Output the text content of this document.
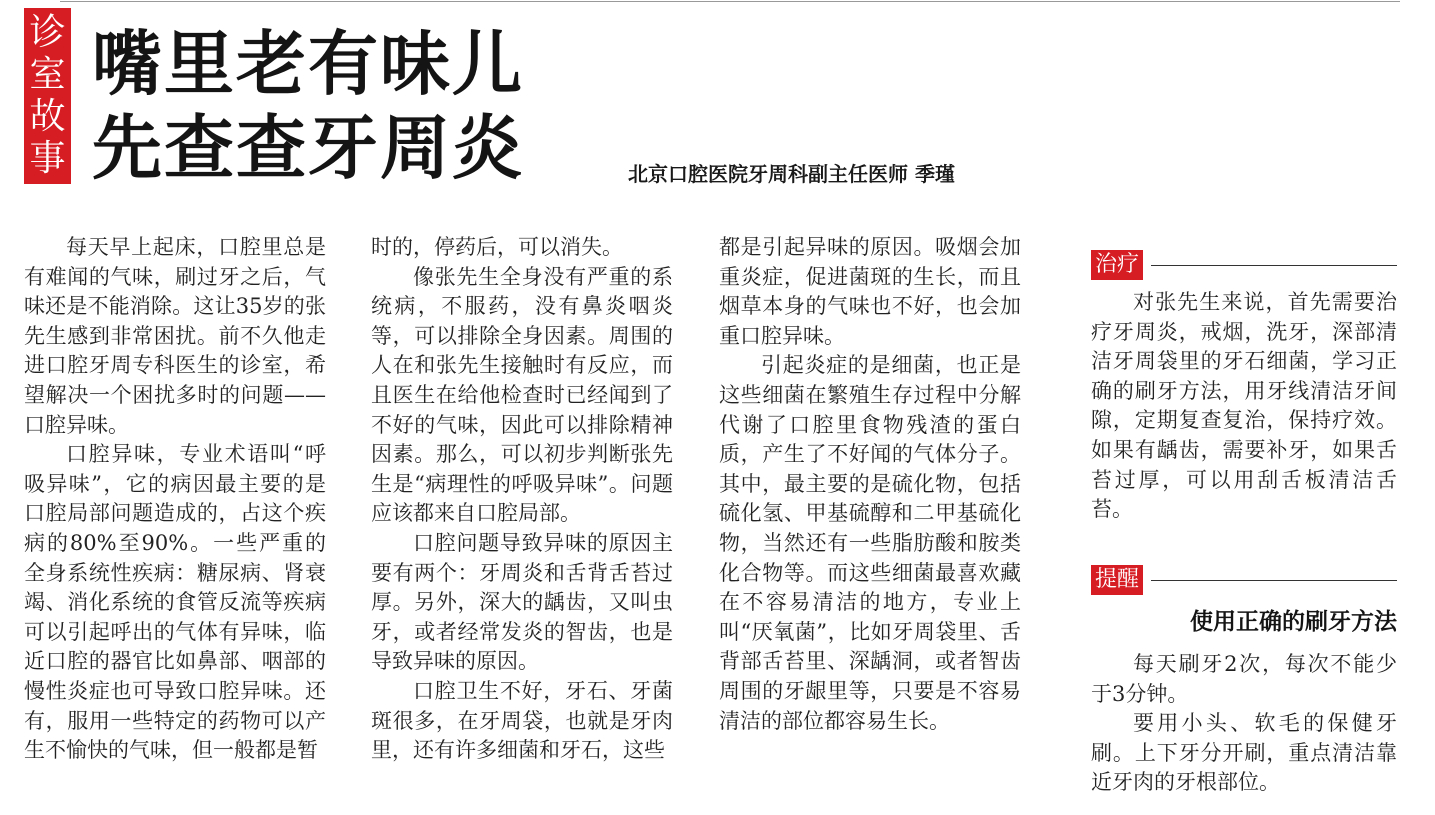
诊
室
故
事
嘴里老有味儿
先查查牙周炎	北京口腔医院牙周科副主任医师 季瑾

每天早上起床，口腔里总是有难闻的气味，刷过牙之后，气味还是不能消除。这让35岁的张先生感到非常困扰。前不久他走进口腔牙周专科医生的诊室，希望解决一个困扰多时的问题——口腔异味。

口腔异味，专业术语叫“呼吸异味”，它的病因最主要的是口腔局部问题造成的，占这个疾病的80%至90%。一些严重的全身系统性疾病：糖尿病、肾衰竭、消化系统的食管反流等疾病可以引起呼出的气体有异味，临近口腔的器官比如鼻部、咽部的慢性炎症也可导致口腔异味。还有，服用一些特定的药物可以产生不愉快的气味，但一般都是暂

时的，停药后，可以消失。

像张先生全身没有严重的系统病，不服药，没有鼻炎咽炎等，可以排除全身因素。周围的人在和张先生接触时有反应，而且医生在给他检查时已经闻到了不好的气味，因此可以排除精神因素。那么，可以初步判断张先生是“病理性的呼吸异味”。问题应该都来自口腔局部。

口腔问题导致异味的原因主要有两个：牙周炎和舌背舌苔过厚。另外，深大的龋齿，又叫虫牙，或者经常发炎的智齿，也是导致异味的原因。

口腔卫生不好，牙石、牙菌斑很多，在牙周袋，也就是牙肉里，还有许多细菌和牙石，这些

都是引起异味的原因。吸烟会加重炎症，促进菌斑的生长，而且烟草本身的气味也不好，也会加重口腔异味。

引起炎症的是细菌，也正是这些细菌在繁殖生存过程中分解代谢了口腔里食物残渣的蛋白质，产生了不好闻的气体分子。其中，最主要的是硫化物，包括硫化氢、甲基硫醇和二甲基硫化物，当然还有一些脂肪酸和胺类化合物等。而这些细菌最喜欢藏在不容易清洁的地方，专业上叫“厌氧菌”，比如牙周袋里、舌背部舌苔里、深龋洞，或者智齿周围的牙龈里等，只要是不容易清洁的部位都容易生长。

治疗

对张先生来说，首先需要治疗牙周炎，戒烟，洗牙，深部清洁牙周袋里的牙石细菌，学习正确的刷牙方法，用牙线清洁牙间隙，定期复查复治，保持疗效。如果有龋齿，需要补牙，如果舌苔过厚，可以用刮舌板清洁舌苔。

提醒
使用正确的刷牙方法

每天刷牙2次，每次不能少于3分钟。

要用小头、软毛的保健牙刷。上下牙分开刷，重点清洁靠近牙肉的牙根部位。
